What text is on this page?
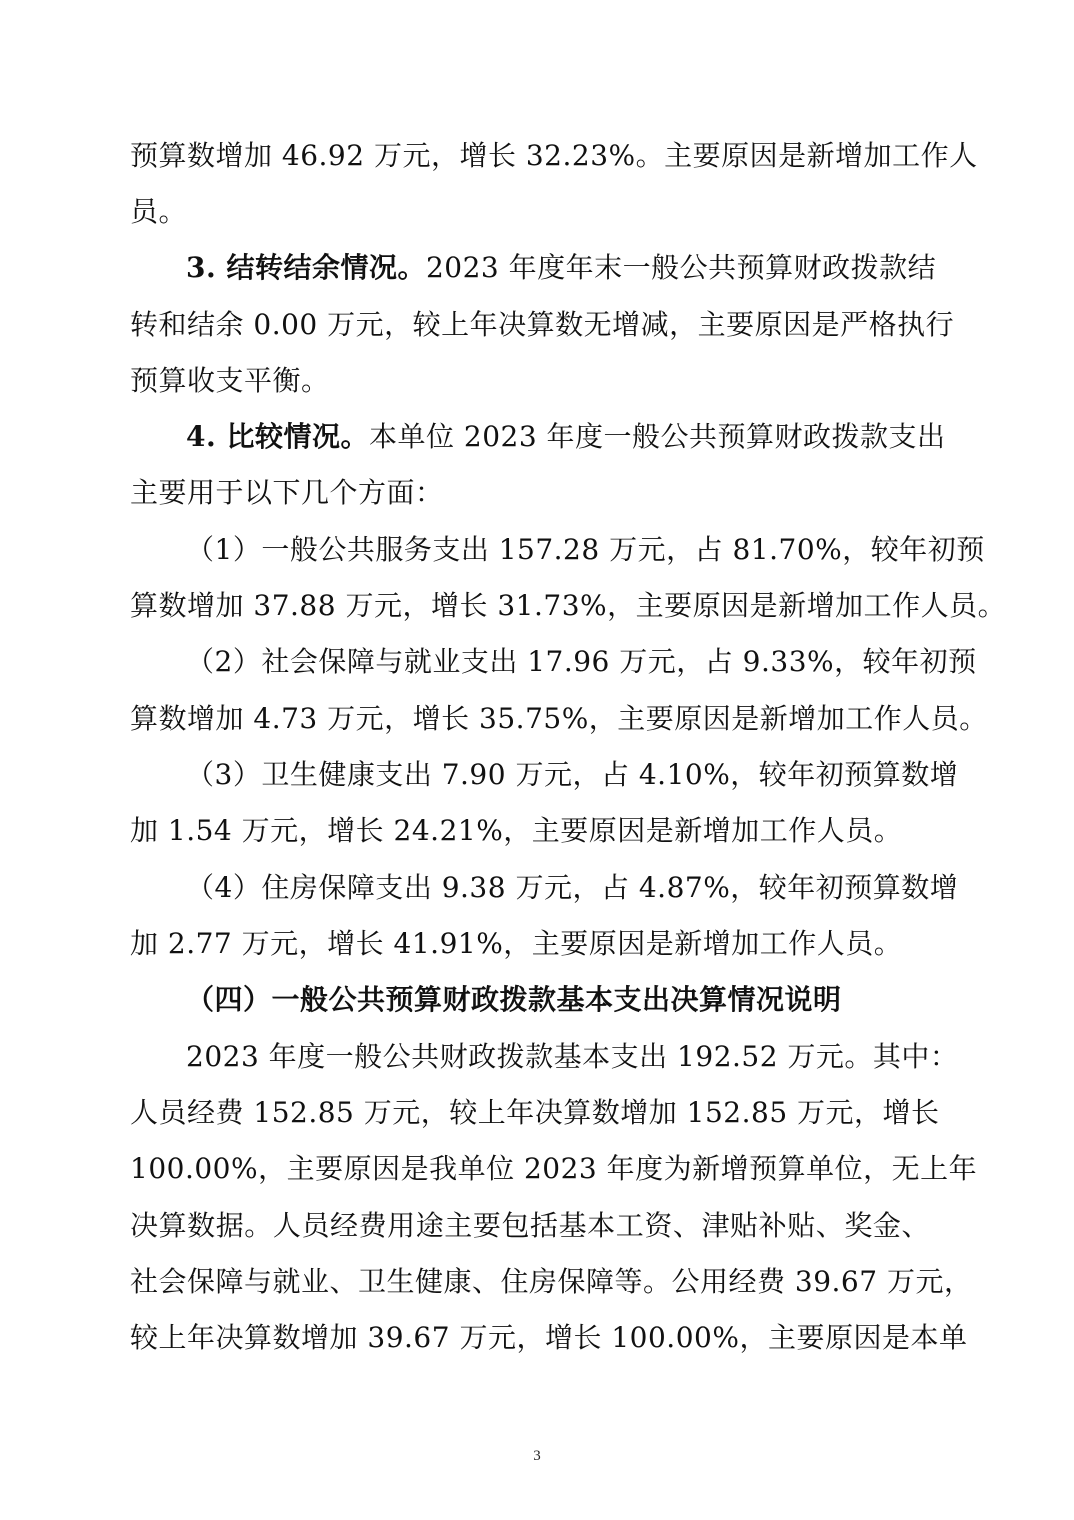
预算数增加 46.92 万元，增长 32.23%。主要原因是新增加工作人
员。
3. 结转结余情况。2023 年度年末一般公共预算财政拨款结
转和结余 0.00 万元，较上年决算数无增减，主要原因是严格执行
预算收支平衡。
4. 比较情况。本单位 2023 年度一般公共预算财政拨款支出
主要用于以下几个方面：
（1）一般公共服务支出 157.28 万元，占 81.70%，较年初预
算数增加 37.88 万元，增长 31.73%，主要原因是新增加工作人员。
（2）社会保障与就业支出 17.96 万元，占 9.33%，较年初预
算数增加 4.73 万元，增长 35.75%，主要原因是新增加工作人员。
（3）卫生健康支出 7.90 万元，占 4.10%，较年初预算数增
加 1.54 万元，增长 24.21%，主要原因是新增加工作人员。
（4）住房保障支出 9.38 万元，占 4.87%，较年初预算数增
加 2.77 万元，增长 41.91%，主要原因是新增加工作人员。
（四）一般公共预算财政拨款基本支出决算情况说明
2023 年度一般公共财政拨款基本支出 192.52 万元。其中：
人员经费 152.85 万元，较上年决算数增加 152.85 万元，增长
100.00%，主要原因是我单位 2023 年度为新增预算单位，无上年
决算数据。人员经费用途主要包括基本工资、津贴补贴、奖金、
社会保障与就业、卫生健康、住房保障等。公用经费 39.67 万元，
较上年决算数增加 39.67 万元，增长 100.00%，主要原因是本单
3
